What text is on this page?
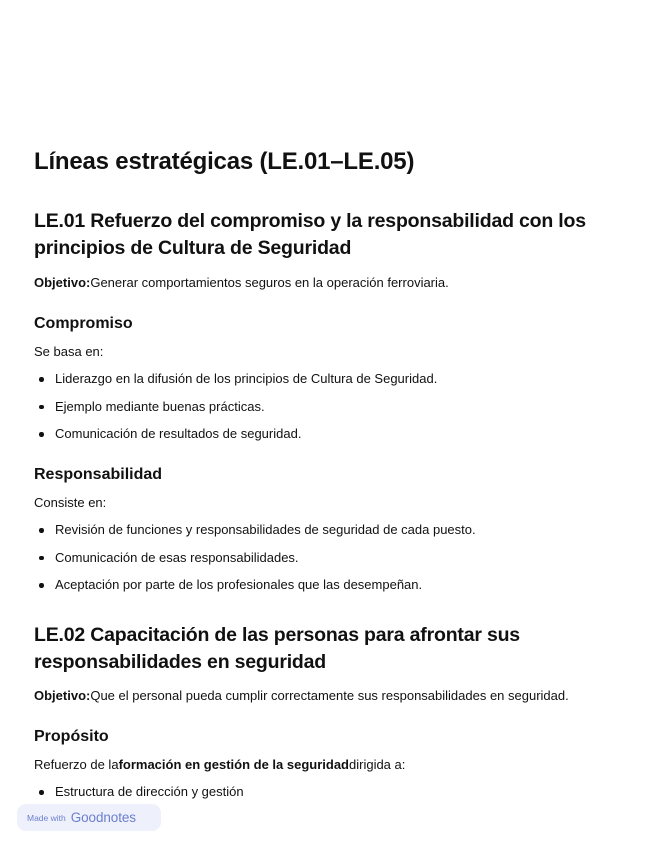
Líneas estratégicas (LE.01–LE.05)
LE.01 Refuerzo del compromiso y la responsabilidad con los principios de Cultura de Seguridad

Objetivo:Generar comportamientos seguros en la operación ferroviaria.

Compromiso

Se basa en:

Liderazgo en la difusión de los principios de Cultura de Seguridad.
Ejemplo mediante buenas prácticas.
Comunicación de resultados de seguridad.
Responsabilidad

Consiste en:

Revisión de funciones y responsabilidades de seguridad de cada puesto.
Comunicación de esas responsabilidades.
Aceptación por parte de los profesionales que las desempeñan.
LE.02 Capacitación de las personas para afrontar sus responsabilidades en seguridad

Objetivo:Que el personal pueda cumplir correctamente sus responsabilidades en seguridad.

Propósito

Refuerzo de laformación en gestión de la seguridaddirigida a:

Estructura de dirección y gestión
Made with Goodnotes
